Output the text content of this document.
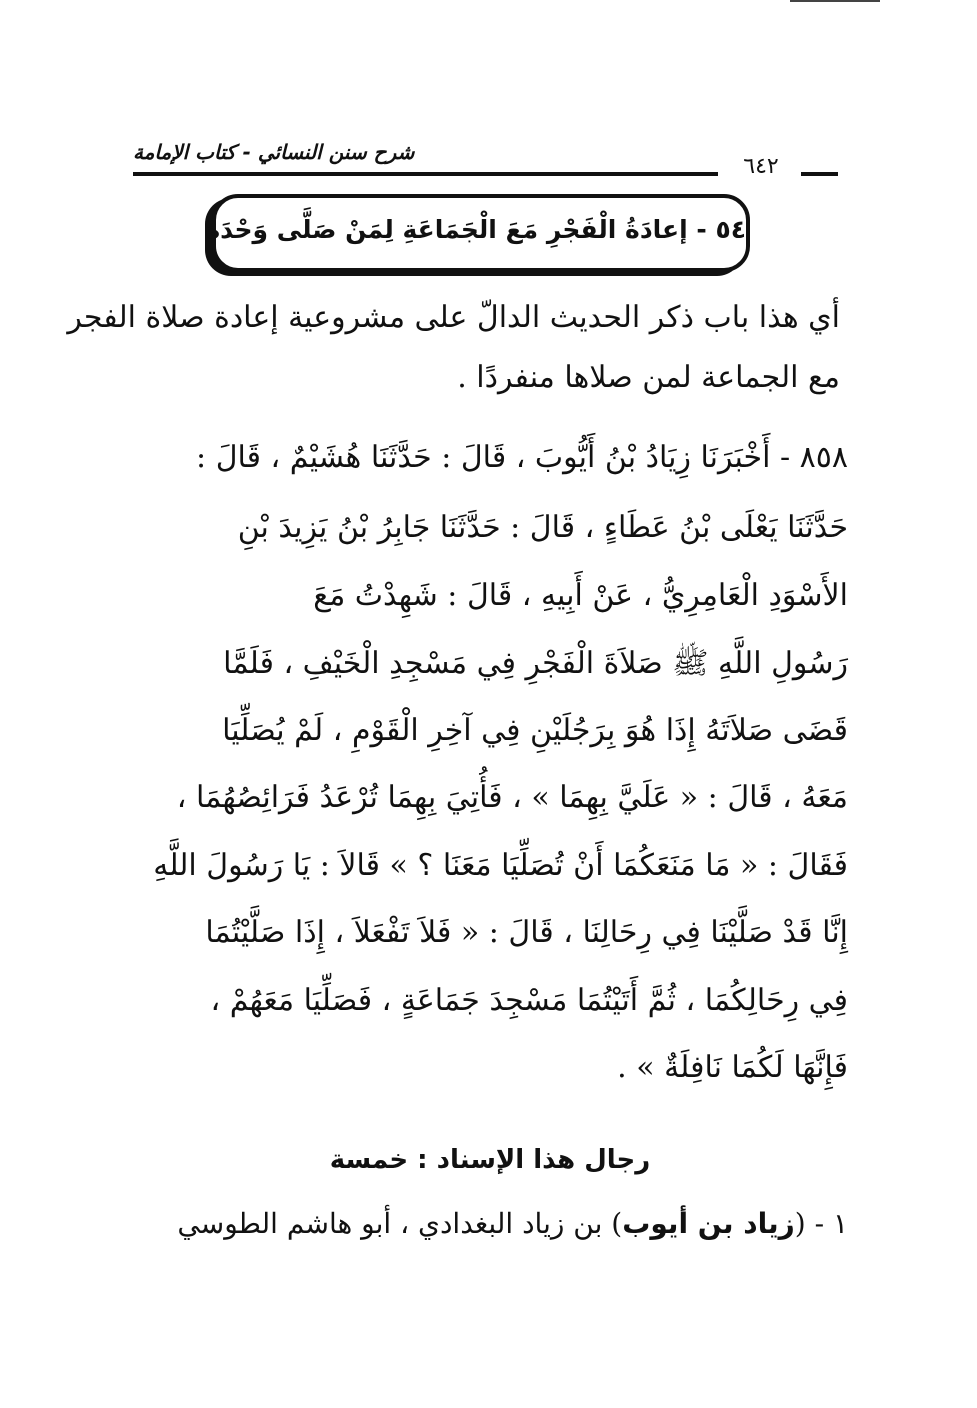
شرح سنن النسائي - كتاب الإمامة
٦٤٢
٥٤ - إعادَةُ الْفَجْرِ مَعَ الْجَمَاعَةِ لِمَنْ صَلَّى وَحْدَهُ
أي هذا باب ذكر الحديث الدالّ على مشروعية إعادة صلاة الفجر
مع الجماعة لمن صلاها منفردًا .
٨٥٨ - أَخْبَرَنَا زِيَادُ بْنُ أَيُّوبَ ، قَالَ : حَدَّثَنَا هُشَيْمٌ ، قَالَ :
حَدَّثَنَا يَعْلَى بْنُ عَطَاءٍ ، قَالَ : حَدَّثَنَا جَابِرُ بْنُ يَزِيدَ بْنِ
الأَسْوَدِ الْعَامِرِيُّ ، عَنْ أَبِيهِ ، قَالَ : شَهِدْتُ مَعَ
رَسُولِ اللَّهِ ﷺ صَلاَةَ الْفَجْرِ فِي مَسْجِدِ الْخَيْفِ ، فَلَمَّا
قَضَى صَلاَتَهُ إِذَا هُوَ بِرَجُلَيْنِ فِي آخِرِ الْقَوْمِ ، لَمْ يُصَلِّيَا
مَعَهُ ، قَالَ : « عَلَيَّ بِهِمَا » ، فَأُتِيَ بِهِمَا تُرْعَدُ فَرَائِصُهُمَا ،
فَقَالَ : « مَا مَنَعَكُمَا أَنْ تُصَلِّيَا مَعَنَا ؟ » قَالاَ : يَا رَسُولَ اللَّهِ
إِنَّا قَدْ صَلَّيْنَا فِي رِحَالِنَا ، قَالَ : « فَلاَ تَفْعَلاَ ، إِذَا صَلَّيْتُمَا
فِي رِحَالِكُمَا ، ثُمَّ أَتَيْتُمَا مَسْجِدَ جَمَاعَةٍ ، فَصَلِّيَا مَعَهُمْ ،
فَإِنَّهَا لَكُمَا نَافِلَةٌ » .
رجال هذا الإسناد : خمسة
١ - (زياد بن أيوب) بن زياد البغدادي ، أبو هاشم الطوسي
